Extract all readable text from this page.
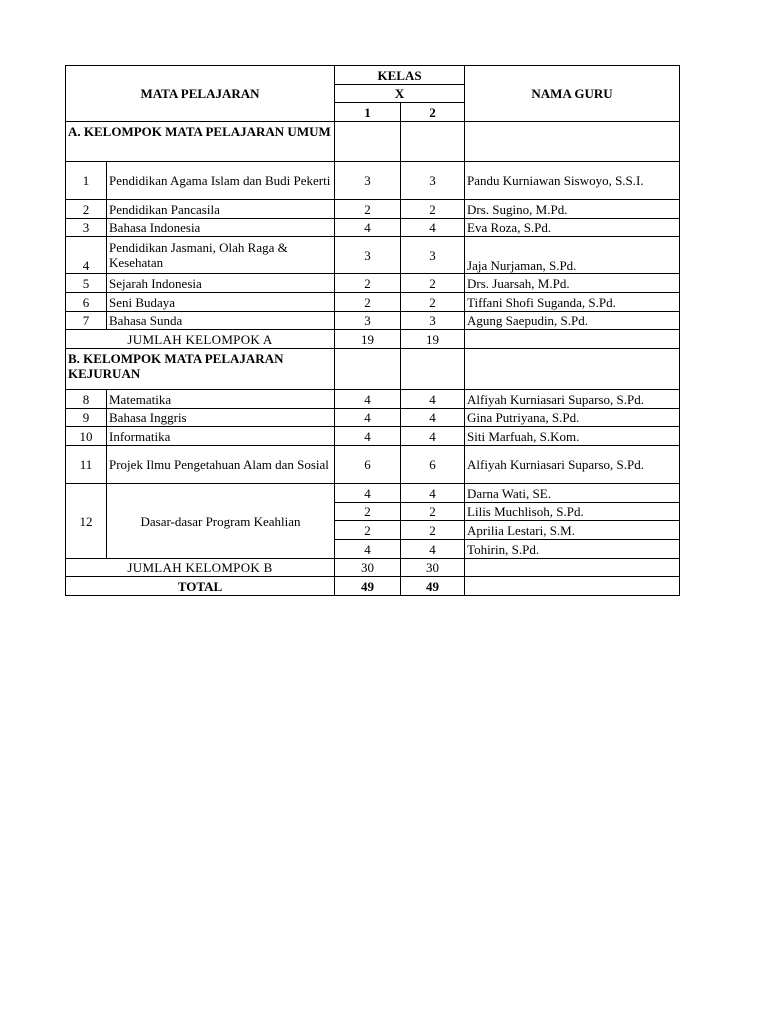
MATA PELAJARAN		KELAS		NAMA GURU
		X		
		1	2	
A. KELOMPOK MATA PELAJARAN UMUM				
1	Pendidikan Agama Islam dan Budi Pekerti	3	3	Pandu Kurniawan Siswoyo, S.S.I.
2	Pendidikan Pancasila	2	2	Drs. Sugino, M.Pd.
3	Bahasa Indonesia	4	4	Eva Roza, S.Pd.
4	Pendidikan Jasmani, Olah Raga & Kesehatan	3	3	Jaja Nurjaman, S.Pd.
5	Sejarah Indonesia	2	2	Drs. Juarsah, M.Pd.
6	Seni Budaya	2	2	Tiffani Shofi Suganda, S.Pd.
7	Bahasa Sunda	3	3	Agung Saepudin, S.Pd.
JUMLAH KELOMPOK A		19	19	
B. KELOMPOK MATA PELAJARAN KEJURUAN				
8	Matematika	4	4	Alfiyah Kurniasari Suparso, S.Pd.
9	Bahasa Inggris	4	4	Gina Putriyana, S.Pd.
10	Informatika	4	4	Siti Marfuah, S.Kom.
11	Projek Ilmu Pengetahuan Alam dan Sosial	6	6	Alfiyah Kurniasari Suparso, S.Pd.
12	Dasar-dasar Program Keahlian	4	4	Darna Wati, SE.
		2	2	Lilis Muchlisoh, S.Pd.
		2	2	Aprilia Lestari, S.M.
		4	4	Tohirin, S.Pd.
JUMLAH KELOMPOK B		30	30	
TOTAL		49	49	
